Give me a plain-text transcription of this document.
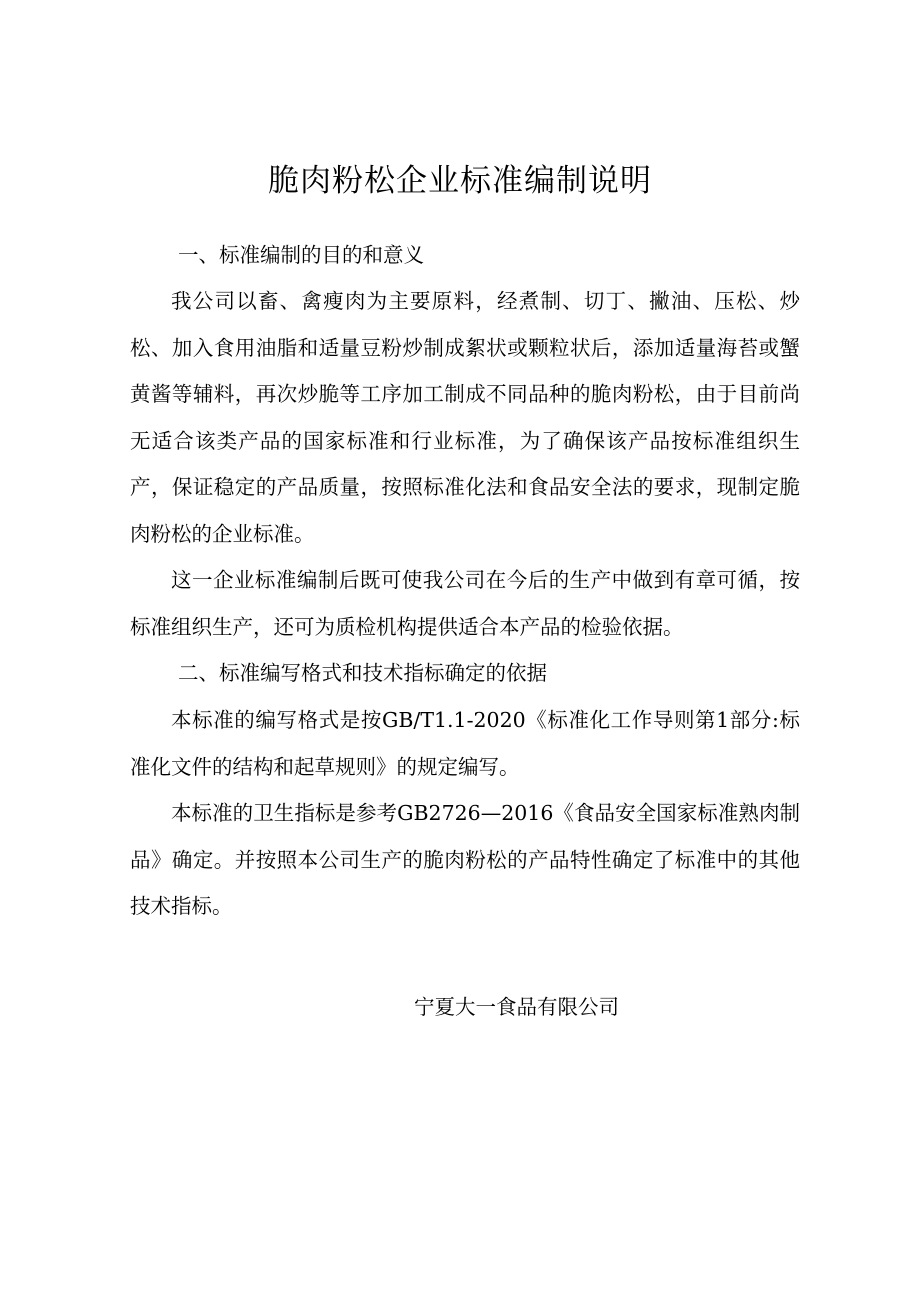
脆肉粉松企业标准编制说明
一、标准编制的目的和意义

我公司以畜、禽瘦肉为主要原料，经煮制、切丁、撇油、压松、炒松、加入食用油脂和适量豆粉炒制成絮状或颗粒状后，添加适量海苔或蟹黄酱等辅料，再次炒脆等工序加工制成不同品种的脆肉粉松，由于目前尚无适合该类产品的国家标准和行业标准，为了确保该产品按标准组织生产，保证稳定的产品质量，按照标准化法和食品安全法的要求，现制定脆肉粉松的企业标准。

这一企业标准编制后既可使我公司在今后的生产中做到有章可循，按标准组织生产，还可为质检机构提供适合本产品的检验依据。

二、标准编写格式和技术指标确定的依据

本标准的编写格式是按GB/T1.1-2020《标准化工作导则第1部分:标准化文件的结构和起草规则》的规定编写。

本标准的卫生指标是参考GB2726—2016《食品安全国家标准熟肉制品》确定。并按照本公司生产的脆肉粉松的产品特性确定了标准中的其他技术指标。

宁夏大一食品有限公司
